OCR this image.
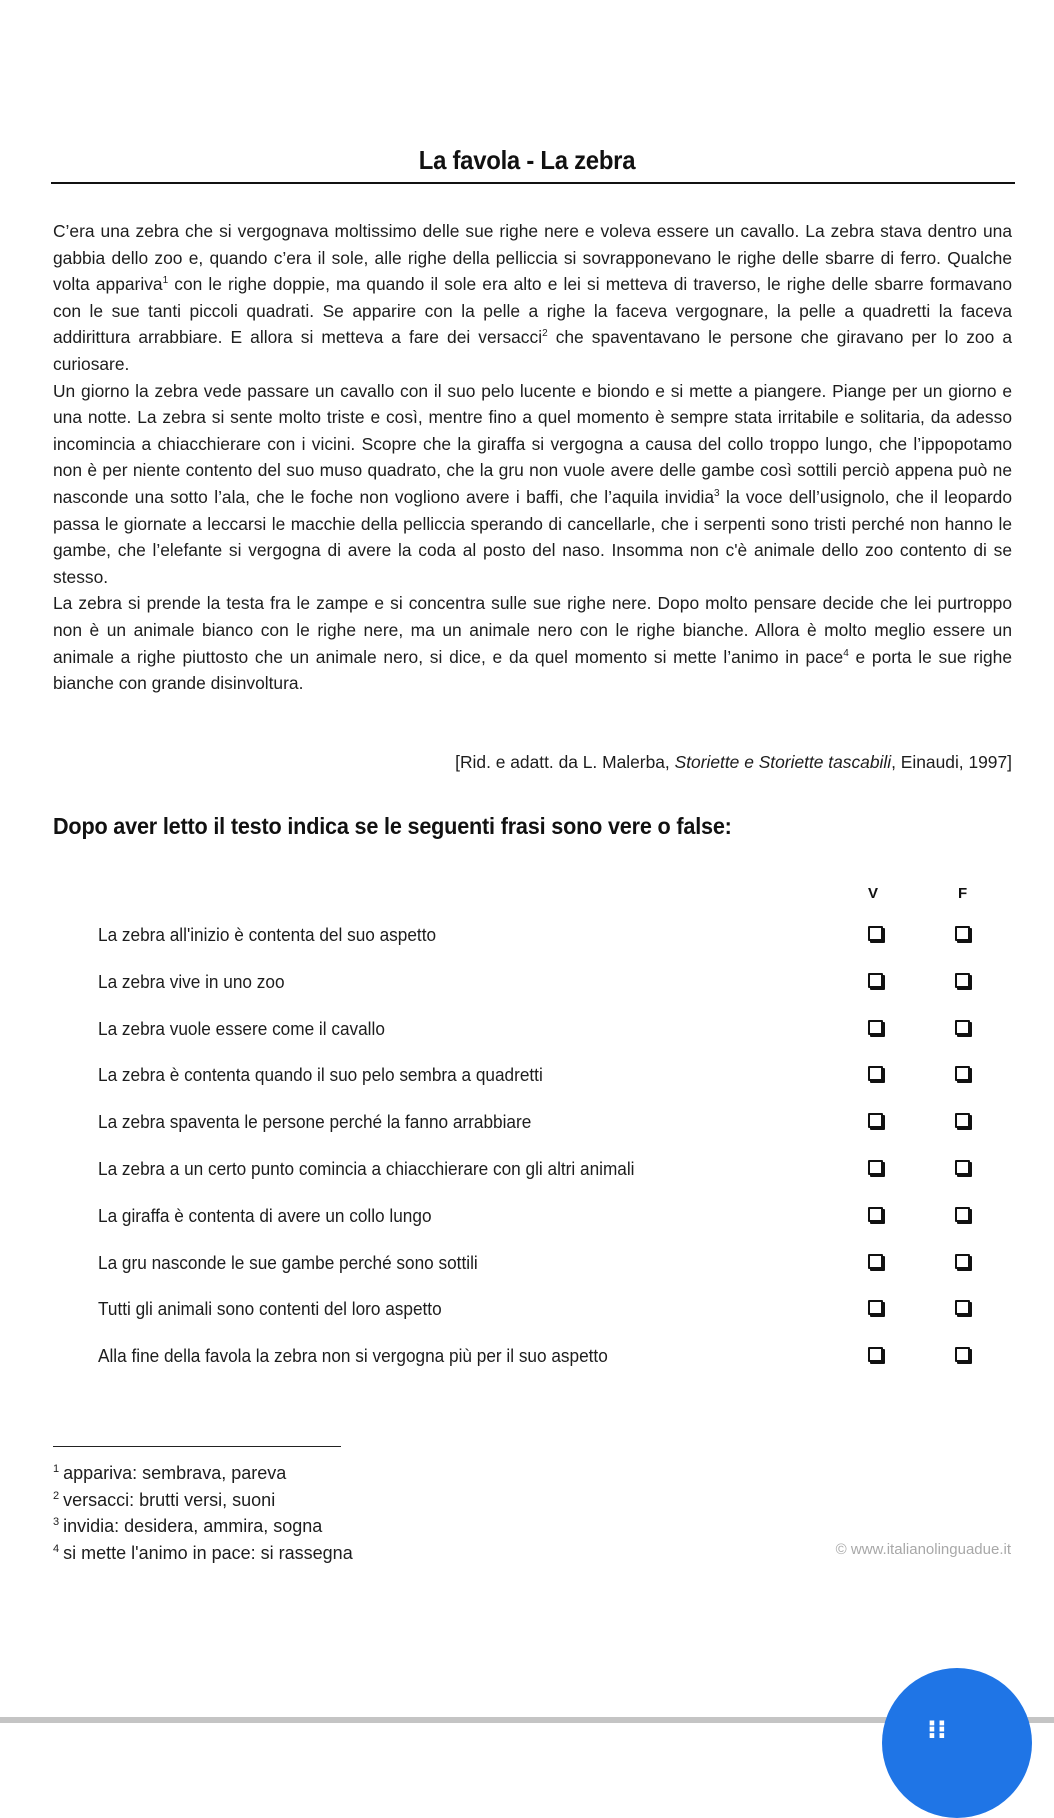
La favola - La zebra

C’era una zebra che si vergognava moltissimo delle sue righe nere e voleva essere un cavallo. La zebra stava dentro una gabbia dello zoo e, quando c’era il sole, alle righe della pelliccia si sovrapponevano le righe delle sbarre di ferro. Qualche volta appariva$^1$ con le righe doppie, ma quando il sole era alto e lei si metteva di traverso, le righe delle sbarre formavano con le sue tanti piccoli quadrati. Se apparire con la pelle a righe la faceva vergognare, la pelle a quadretti la faceva addirittura arrabbiare. E allora si metteva a fare dei versacci$^2$ che spaventavano le persone che giravano per lo zoo a curiosare.

Un giorno la zebra vede passare un cavallo con il suo pelo lucente e biondo e si mette a piangere. Piange per un giorno e una notte. La zebra si sente molto triste e così, mentre fino a quel momento è sempre stata irritabile e solitaria, da adesso incomincia a chiacchierare con i vicini. Scopre che la giraffa si vergogna a causa del collo troppo lungo, che l’ippopotamo non è per niente contento del suo muso quadrato, che la gru non vuole avere delle gambe così sottili perciò appena può ne nasconde una sotto l’ala, che le foche non vogliono avere i baffi, che l’aquila invidia$^3$ la voce dell’usignolo, che il leopardo passa le giornate a leccarsi le macchie della pelliccia sperando di cancellarle, che i serpenti sono tristi perché non hanno le gambe, che l’elefante si vergogna di avere la coda al posto del naso. Insomma non c'è animale dello zoo contento di se stesso.

La zebra si prende la testa fra le zampe e si concentra sulle sue righe nere. Dopo molto pensare decide che lei purtroppo non è un animale bianco con le righe nere, ma un animale nero con le righe bianche. Allora è molto meglio essere un animale a righe piuttosto che un animale nero, si dice, e da quel momento si mette l’animo in pace$^4$ e porta le sue righe bianche con grande disinvoltura.

[Rid. e adatt. da L. Malerba, Storiette e Storiette tascabili, Einaudi, 1997]
Dopo aver letto il testo indica se le seguenti frasi sono vere o false:
V	F
La zebra all'inizio è contenta del suo aspetto
La zebra vive in uno zoo
La zebra vuole essere come il cavallo
La zebra è contenta quando il suo pelo sembra a quadretti
La zebra spaventa le persone perché la fanno arrabbiare
La zebra a un certo punto comincia a chiacchierare con gli altri animali
La giraffa è contenta di avere un collo lungo
La gru nasconde le sue gambe perché sono sottili
Tutti gli animali sono contenti del loro aspetto
Alla fine della favola la zebra non si vergogna più per il suo aspetto
$^1$ appariva: sembrava, pareva
$^2$ versacci: brutti versi, suoni
$^3$ invidia: desidera, ammira, sogna
$^4$ si mette l'animo in pace: si rassegna	© www.italianolinguadue.it
⁝⁝
